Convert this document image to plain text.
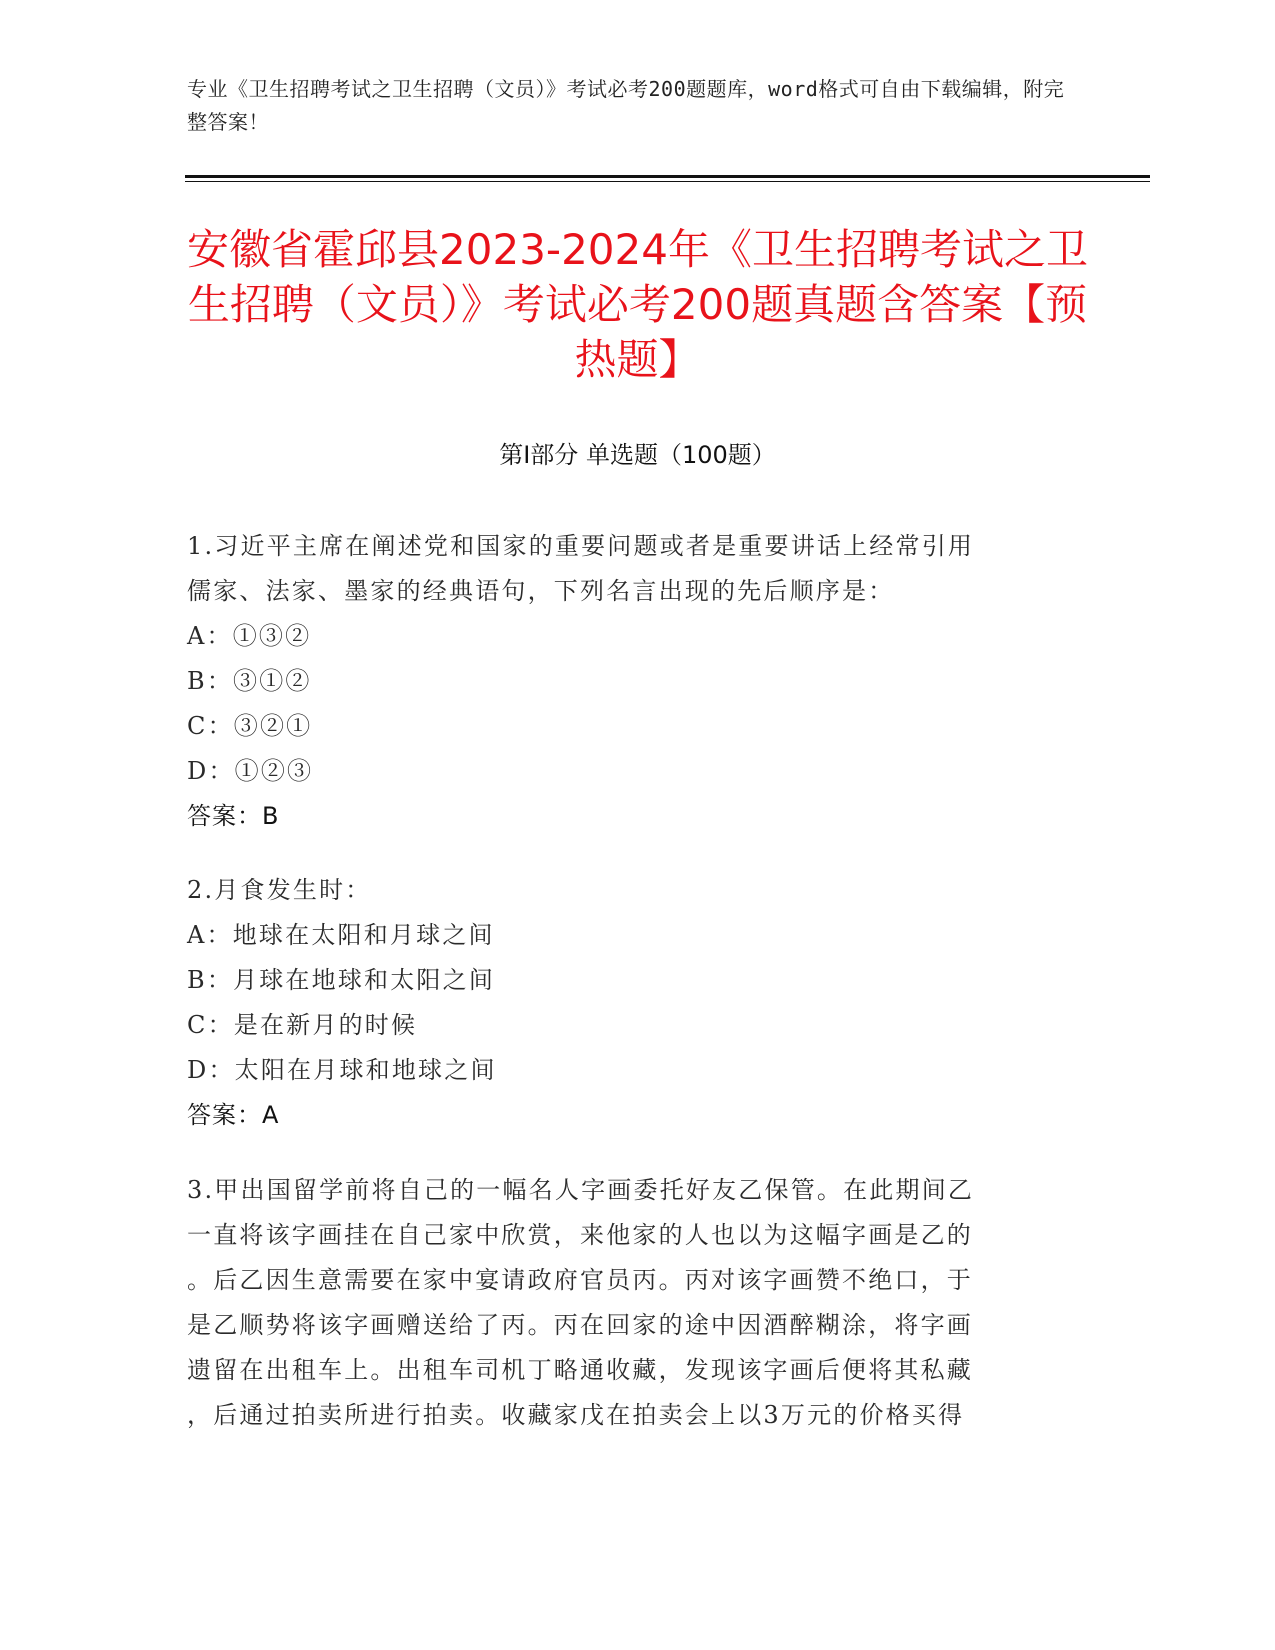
专业《卫生招聘考试之卫生招聘（文员）》考试必考200题题库，word格式可自由下载编辑，附完整答案！
安徽省霍邱县2023-2024年《卫生招聘考试之卫生招聘（文员）》考试必考200题真题含答案【预热题】
第Ⅰ部分 单选题（100题）
1.习近平主席在阐述党和国家的重要问题或者是重要讲话上经常引用
儒家、法家、墨家的经典语句，下列名言出现的先后顺序是：
A：①③②
B：③①②
C：③②①
D：①②③
答案：B
2.月食发生时：
A：地球在太阳和月球之间
B：月球在地球和太阳之间
C：是在新月的时候
D：太阳在月球和地球之间
答案：A
3.甲出国留学前将自己的一幅名人字画委托好友乙保管。在此期间乙
一直将该字画挂在自己家中欣赏，来他家的人也以为这幅字画是乙的
。后乙因生意需要在家中宴请政府官员丙。丙对该字画赞不绝口，于
是乙顺势将该字画赠送给了丙。丙在回家的途中因酒醉糊涂，将字画
遗留在出租车上。出租车司机丁略通收藏，发现该字画后便将其私藏
，后通过拍卖所进行拍卖。收藏家戊在拍卖会上以3万元的价格买得
